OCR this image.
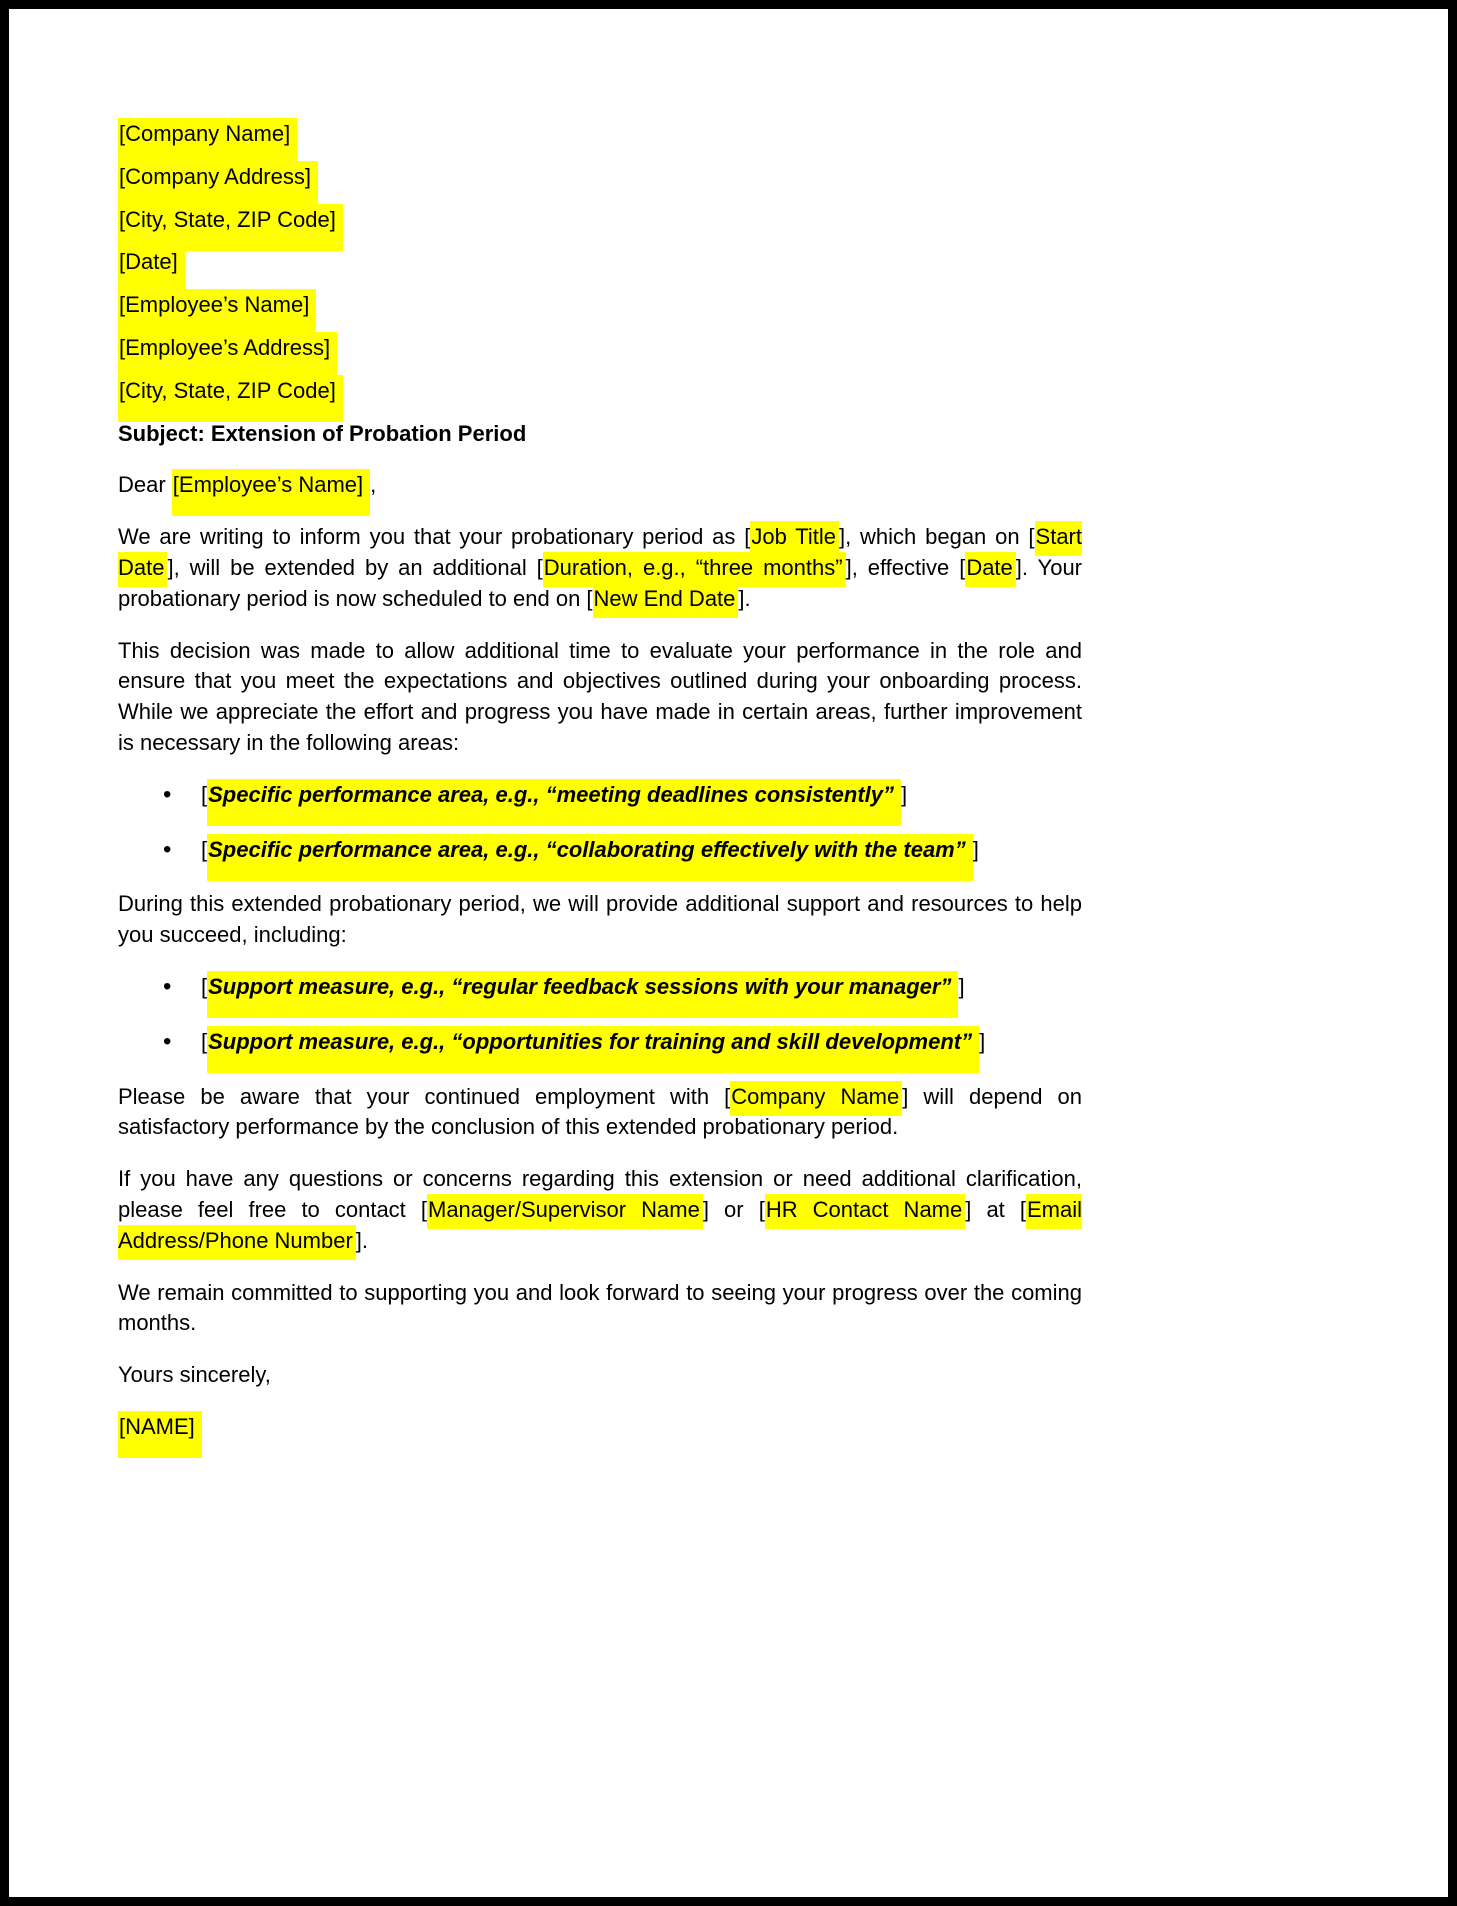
[Company Name]

[Company Address]

[City, State, ZIP Code]

[Date]

[Employee’s Name]

[Employee’s Address]

[City, State, ZIP Code]

Subject: Extension of Probation Period

Dear [Employee’s Name] ,

We are writing to inform you that your probationary period as [Job Title ], which began on [Start Date ], will be extended by an additional [Duration, e.g., “three months” ], effective [Date ]. Your probationary period is now scheduled to end on [New End Date ].

This decision was made to allow additional time to evaluate your performance in the role and ensure that you meet the expectations and objectives outlined during your onboarding process. While we appreciate the effort and progress you have made in certain areas, further improvement is necessary in the following areas:

• [Specific performance area, e.g., “meeting deadlines consistently” ]
• [Specific performance area, e.g., “collaborating effectively with the team” ]

During this extended probationary period, we will provide additional support and resources to help you succeed, including:

• [Support measure, e.g., “regular feedback sessions with your manager” ]
• [Support measure, e.g., “opportunities for training and skill development” ]

Please be aware that your continued employment with [Company Name ] will depend on satisfactory performance by the conclusion of this extended probationary period.

If you have any questions or concerns regarding this extension or need additional clarification, please feel free to contact [Manager/Supervisor Name ] or [HR Contact Name ] at [Email Address/Phone Number ].

We remain committed to supporting you and look forward to seeing your progress over the coming months.

Yours sincerely,

[NAME]
